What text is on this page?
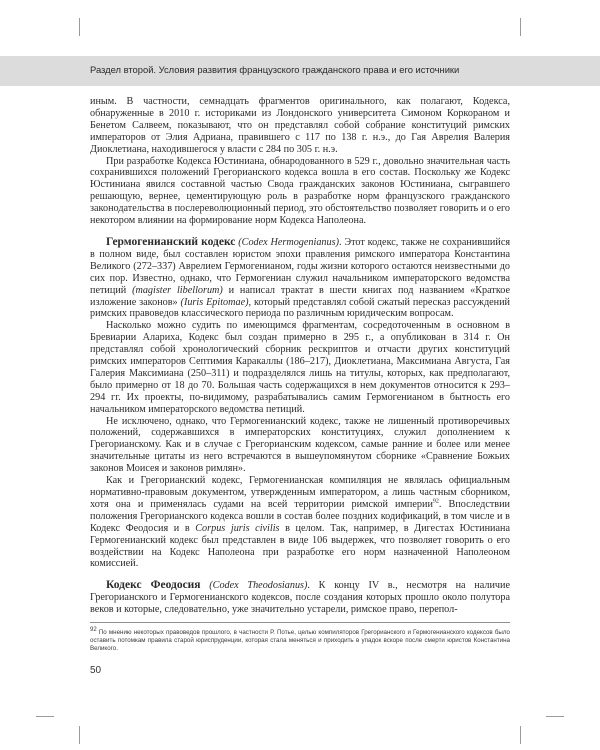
Раздел второй. Условия развития французского гражданского права и его источники

иным. В частности, семнадцать фрагментов оригинального, как полагают, Кодекса, обнаруженные в 2010 г. историками из Лондонского университета Симоном Коркораном и Бенетом Салвеем, показывают, что он представлял собой собрание конституций римских императоров от Элия Адриана, правившего с 117 по 138 г. н.э., до Гая Аврелия Валерия Диоклетиана, находившегося у власти с 284 по 305 г. н.э.

При разработке Кодекса Юстиниана, обнародованного в 529 г., довольно значительная часть сохранившихся положений Грегорианского кодекса вошла в его состав. Поскольку же Кодекс Юстиниана явился составной частью Свода гражданских законов Юстиниана, сыгравшего решающую, вернее, цементирующую роль в разработке норм французского гражданского законодательства в послереволюционный период, это обстоятельство позволяет говорить и о его некотором влиянии на формирование норм Кодекса Наполеона.

Гермогенианский кодекс (Codex Hermogenianus). Этот кодекс, также не сохранившийся в полном виде, был составлен юристом эпохи правления римского императора Константина Великого (272–337) Аврелием Гермогенианом, годы жизни которого остаются неизвестными до сих пор. Известно, однако, что Гермогениан служил начальником императорского ведомства петиций (magister libellorum) и написал трактат в шести книгах под названием «Краткое изложение законов» (Iuris Epitomae), который представлял собой сжатый пересказ рассуждений римских правоведов классического периода по различным юридическим вопросам.

Насколько можно судить по имеющимся фрагментам, сосредоточенным в основном в Бревиарии Алариха, Кодекс был создан примерно в 295 г., а опубликован в 314 г. Он представлял собой хронологический сборник рескриптов и отчасти других конституций римских императоров Септимия Каракаллы (186–217), Диоклетиана, Максимиана Августа, Гая Галерия Максимиана (250–311) и подразделялся лишь на титулы, которых, как предполагают, было примерно от 18 до 70. Большая часть содержащихся в нем документов относится к 293–294 гг. Их проекты, по-видимому, разрабатывались самим Гермогенианом в бытность его начальником императорского ведомства петиций.

Не исключено, однако, что Гермогенианский кодекс, также не лишенный противоречивых положений, содержавшихся в императорских конституциях, служил дополнением к Грегорианскому. Как и в случае с Грегорианским кодексом, самые ранние и более или менее значительные цитаты из него встречаются в вышеупомянутом сборнике «Сравнение Божьих законов Моисея и законов римлян».

Как и Грегорианский кодекс, Гермогенианская компиляция не являлась официальным нормативно-правовым документом, утвержденным императором, а лишь частным сборником, хотя она и применялась судами на всей территории римской империи$^{92}$. Впоследствии положения Грегорианского кодекса вошли в состав более поздних кодификаций, в том числе и в Кодекс Феодосия и в Corpus juris civilis в целом. Так, например, в Дигестах Юстиниана Гермогенианский кодекс был представлен в виде 106 выдержек, что позволяет говорить о его воздействии на Кодекс Наполеона при разработке его норм назначенной Наполеоном комиссией.

Кодекс Феодосия (Codex Theodosianus). К концу IV в., несмотря на наличие Грегорианского и Гермогенианского кодексов, после создания которых прошло около полутора веков и которые, следовательно, уже значительно устарели, римское право, перепол-

$^{92}$ По мнению некоторых правоведов прошлого, в частности Р. Потье, целью компиляторов Грегорианского и Гермогенианского кодексов было оставить потомкам правила старой юриспруденции, которая стала меняться и приходить в упадок вскоре после смерти юристов Константина Великого.
50
